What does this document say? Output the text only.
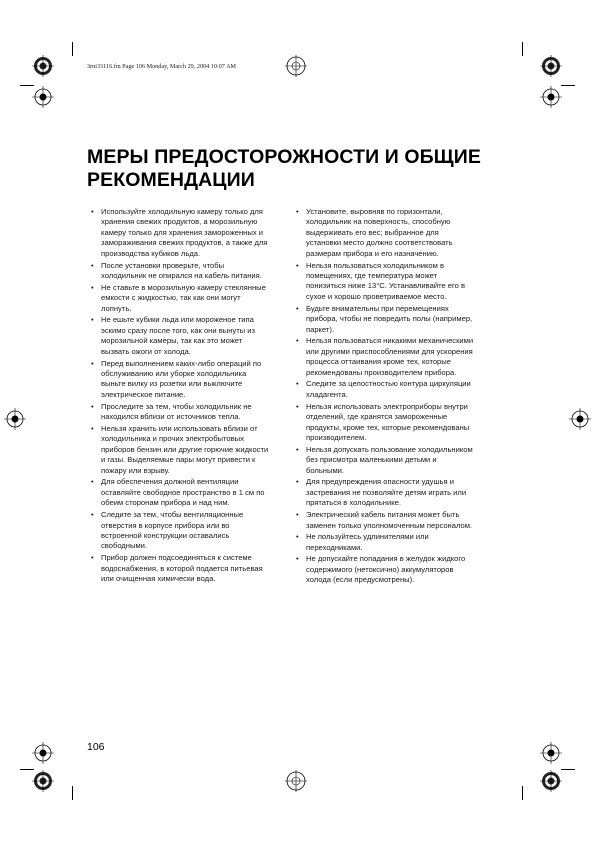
3rni33116.fm Page 106 Monday, March 29, 2004 10:07 AM
МЕРЫ ПРЕДОСТОРОЖНОСТИ И ОБЩИЕ
РЕКОМЕНДАЦИИ
• Используйте холодильную камеру только для хранения свежих продуктов, а морозильную камеру только для хранения замороженных и замораживания свежих продуктов, а также для производства кубиков льда.
• После установки проверьте, чтобы холодильник не опирался на кабель питания.
• Не ставьте в морозильную камеру стеклянные емкости с жидкостью, так как они могут лопнуть.
• Не ешьте кубики льда или мороженое типа эскимо сразу после того, как они вынуты из морозильной камеры, так как это может вызвать ожоги от холода.
• Перед выполнением каких-либо операций по обслуживанию или уборке холодильника выньте вилку из розетки или выключите электрическое питание.
• Проследите за тем, чтобы холодильник не находился вблизи от источников тепла.
• Нельзя хранить или использовать вблизи от холодильника и прочих электробытовых приборов бензин или другие горючие жидкости и газы. Выделяемые пары могут привести к пожару или взрыву.
• Для обеспечения должной вентиляции оставляйте свободное пространство в 1 см по обеим сторонам прибора и над ним.
• Следите за тем, чтобы вентиляционные отверстия в корпусе прибора или во встроенной конструкции оставались свободными.
• Прибор должен подсоединяться к системе водоснабжения, в которой подается питьевая или очищенная химически вода.
• Установите, выровняв по горизонтали, холодильник на поверхность, способную выдерживать его вес; выбранное для установки место должно соответствовать размерам прибора и его назначению.
• Нельзя пользоваться холодильником в помещениях, где температура может понизиться ниже 13°С. Устанавливайте его в сухое и хорошо проветриваемое место.
• Будьте внимательны при перемещениях прибора, чтобы не повредить полы (например, паркет).
• Нельзя пользоваться никакими механическими или другими приспособлениями для ускорения процесса оттаивания кроме тех, которые рекомендованы производителем прибора.
• Следите за целостностью контура циркуляции хладагента.
• Нельзя использовать электроприборы внутри отделений, где хранятся замороженные продукты, кроме тех, которые рекомендованы производителем.
• Нельзя допускать пользование холодильником без присмотра маленькими детьми и больными.
• Для предупреждения опасности удушья и застревания не позволяйте детям играть или прятаться в холодильнике.
• Электрический кабель питания может быть заменен только уполномоченным персоналом.
• Не пользуйтесь удлинителями или переходниками.
• Не допускайте попадания в желудок жидкого содержимого (нетоксично) аккумуляторов холода (если предусмотрены).
106
